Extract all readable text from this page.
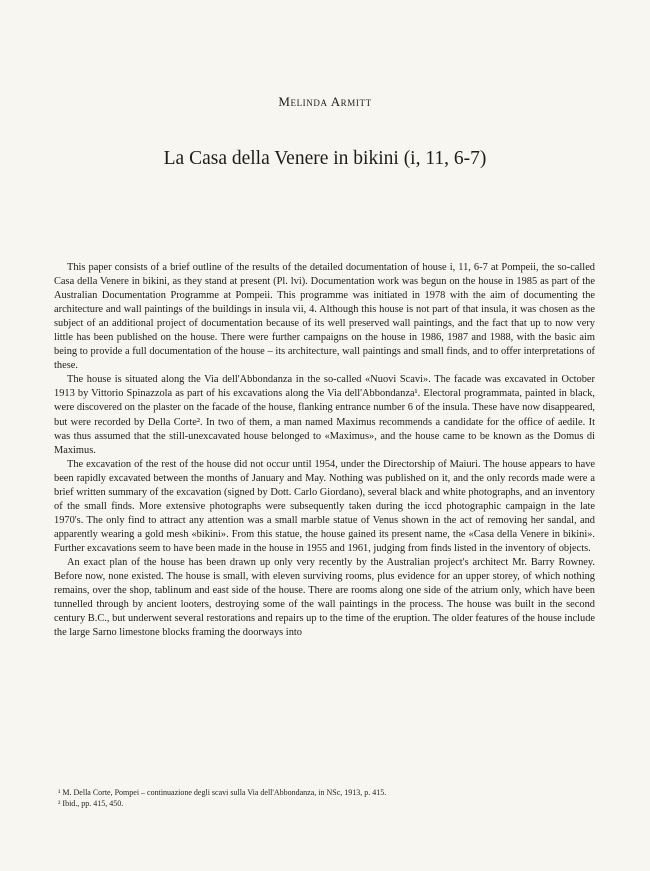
Melinda Armitt
La Casa della Venere in bikini (i, 11, 6-7)

This paper consists of a brief outline of the results of the detailed documentation of house i, 11, 6-7 at Pompeii, the so-called Casa della Venere in bikini, as they stand at present (Pl. lvi). Documentation work was begun on the house in 1985 as part of the Australian Documentation Programme at Pompeii. This programme was initiated in 1978 with the aim of documenting the architecture and wall paintings of the buildings in insula vii, 4. Although this house is not part of that insula, it was chosen as the subject of an additional project of documentation because of its well preserved wall paintings, and the fact that up to now very little has been published on the house. There were further campaigns on the house in 1986, 1987 and 1988, with the basic aim being to provide a full documentation of the house – its architecture, wall paintings and small finds, and to offer interpretations of these.

The house is situated along the Via dell'Abbondanza in the so-called «Nuovi Scavi». The facade was excavated in October 1913 by Vittorio Spinazzola as part of his excavations along the Via dell'Abbondanza¹. Electoral programmata, painted in black, were discovered on the plaster on the facade of the house, flanking entrance number 6 of the insula. These have now disappeared, but were recorded by Della Corte². In two of them, a man named Maximus recommends a candidate for the office of aedile. It was thus assumed that the still-unexcavated house belonged to «Maximus», and the house came to be known as the Domus di Maximus.

The excavation of the rest of the house did not occur until 1954, under the Directorship of Maiuri. The house appears to have been rapidly excavated between the months of January and May. Nothing was published on it, and the only records made were a brief written summary of the excavation (signed by Dott. Carlo Giordano), several black and white photographs, and an inventory of the small finds. More extensive photographs were subsequently taken during the iccd photographic campaign in the late 1970's. The only find to attract any attention was a small marble statue of Venus shown in the act of removing her sandal, and apparently wearing a gold mesh «bikini». From this statue, the house gained its present name, the «Casa della Venere in bikini». Further excavations seem to have been made in the house in 1955 and 1961, judging from finds listed in the inventory of objects.

An exact plan of the house has been drawn up only very recently by the Australian project's architect Mr. Barry Rowney. Before now, none existed. The house is small, with eleven surviving rooms, plus evidence for an upper storey, of which nothing remains, over the shop, tablinum and east side of the house. There are rooms along one side of the atrium only, which have been tunnelled through by ancient looters, destroying some of the wall paintings in the process. The house was built in the second century B.C., but underwent several restorations and repairs up to the time of the eruption. The older features of the house include the large Sarno limestone blocks framing the doorways into

¹ M. Della Corte, Pompei – continuazione degli scavi sulla Via dell'Abbondanza, in NSc, 1913, p. 415.
² Ibid., pp. 415, 450.
